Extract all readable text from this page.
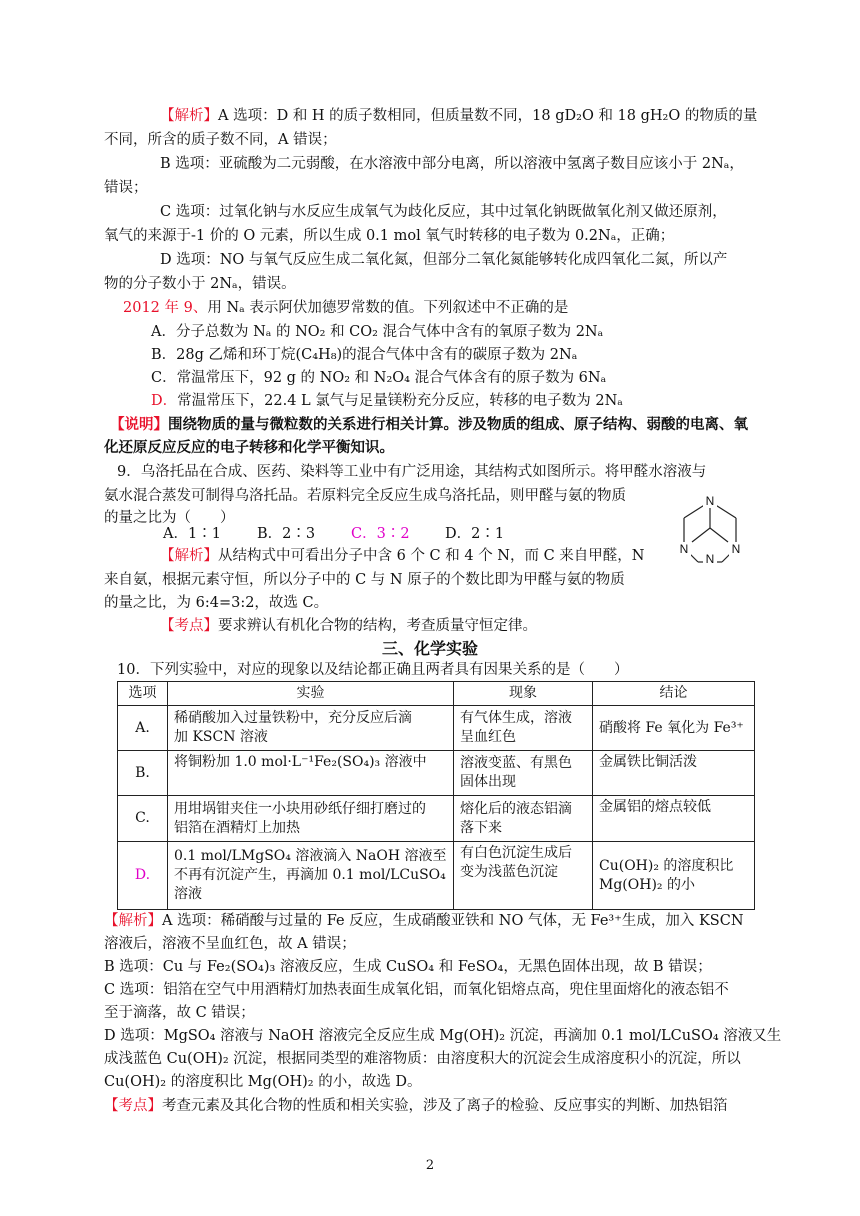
【解析】A 选项：D 和 H 的质子数相同，但质量数不同，18 gD₂O 和 18 gH₂O 的物质的量
不同，所含的质子数不同，A 错误；
B 选项：亚硫酸为二元弱酸，在水溶液中部分电离，所以溶液中氢离子数目应该小于 2Nₐ，
错误；
C 选项：过氧化钠与水反应生成氧气为歧化反应，其中过氧化钠既做氧化剂又做还原剂，
氧气的来源于-1 价的 O 元素，所以生成 0.1 mol 氧气时转移的电子数为 0.2Nₐ，正确；
D 选项：NO 与氧气反应生成二氧化氮，但部分二氧化氮能够转化成四氧化二氮，所以产
物的分子数小于 2Nₐ，错误。
2012 年 9、用 Nₐ 表示阿伏加德罗常数的值。下列叙述中不正确的是
A．分子总数为 Nₐ 的 NO₂ 和 CO₂ 混合气体中含有的氧原子数为 2Nₐ
B．28g 乙烯和环丁烷(C₄H₈)的混合气体中含有的碳原子数为 2Nₐ
C．常温常压下，92 g 的 NO₂ 和 N₂O₄ 混合气体含有的原子数为 6Nₐ
D．常温常压下，22.4 L 氯气与足量镁粉充分反应，转移的电子数为 2Nₐ
【说明】围绕物质的量与微粒数的关系进行相关计算。涉及物质的组成、原子结构、弱酸的电离、氧
化还原反应反应的电子转移和化学平衡知识。
9．乌洛托品在合成、医药、染料等工业中有广泛用途，其结构式如图所示。将甲醛水溶液与
氨水混合蒸发可制得乌洛托品。若原料完全反应生成乌洛托品，则甲醛与氨的物质
的量之比为（　　）
A．1∶1 B．2∶3 C．3∶2 D．2∶1
N
N	N
N
【解析】从结构式中可看出分子中含 6 个 C 和 4 个 N，而 C 来自甲醛，N
来自氨，根据元素守恒，所以分子中的 C 与 N 原子的个数比即为甲醛与氨的物质
的量之比，为 6:4=3:2，故选 C。
【考点】要求辨认有机化合物的结构，考查质量守恒定律。
三、化学实验
10．下列实验中，对应的现象以及结论都正确且两者具有因果关系的是（　　）
选项	实验	现象	结论
A.	稀硝酸加入过量铁粉中，充分反应后滴
加 KSCN 溶液	有气体生成，溶液
呈血红色	硝酸将 Fe 氧化为 Fe³⁺
B.	将铜粉加 1.0 mol·L⁻¹Fe₂(SO₄)₃ 溶液中	溶液变蓝、有黑色
固体出现	金属铁比铜活泼
C.	用坩埚钳夹住一小块用砂纸仔细打磨过的
铝箔在酒精灯上加热	熔化后的液态铝滴
落下来	金属铝的熔点较低
D.	0.1 mol/LMgSO₄ 溶液滴入 NaOH 溶液至
不再有沉淀产生，再滴加 0.1 mol/LCuSO₄
溶液	有白色沉淀生成后
变为浅蓝色沉淀	Cu(OH)₂ 的溶度积比
Mg(OH)₂ 的小
【解析】A 选项：稀硝酸与过量的 Fe 反应，生成硝酸亚铁和 NO 气体，无 Fe³⁺生成，加入 KSCN
溶液后，溶液不呈血红色，故 A 错误；
B 选项：Cu 与 Fe₂(SO₄)₃ 溶液反应，生成 CuSO₄ 和 FeSO₄，无黑色固体出现，故 B 错误；
C 选项：铝箔在空气中用酒精灯加热表面生成氧化铝，而氧化铝熔点高，兜住里面熔化的液态铝不
至于滴落，故 C 错误；
D 选项：MgSO₄ 溶液与 NaOH 溶液完全反应生成 Mg(OH)₂ 沉淀，再滴加 0.1 mol/LCuSO₄ 溶液又生
成浅蓝色 Cu(OH)₂ 沉淀，根据同类型的难溶物质：由溶度积大的沉淀会生成溶度积小的沉淀，所以
Cu(OH)₂ 的溶度积比 Mg(OH)₂ 的小，故选 D。
【考点】考查元素及其化合物的性质和相关实验，涉及了离子的检验、反应事实的判断、加热铝箔
2
